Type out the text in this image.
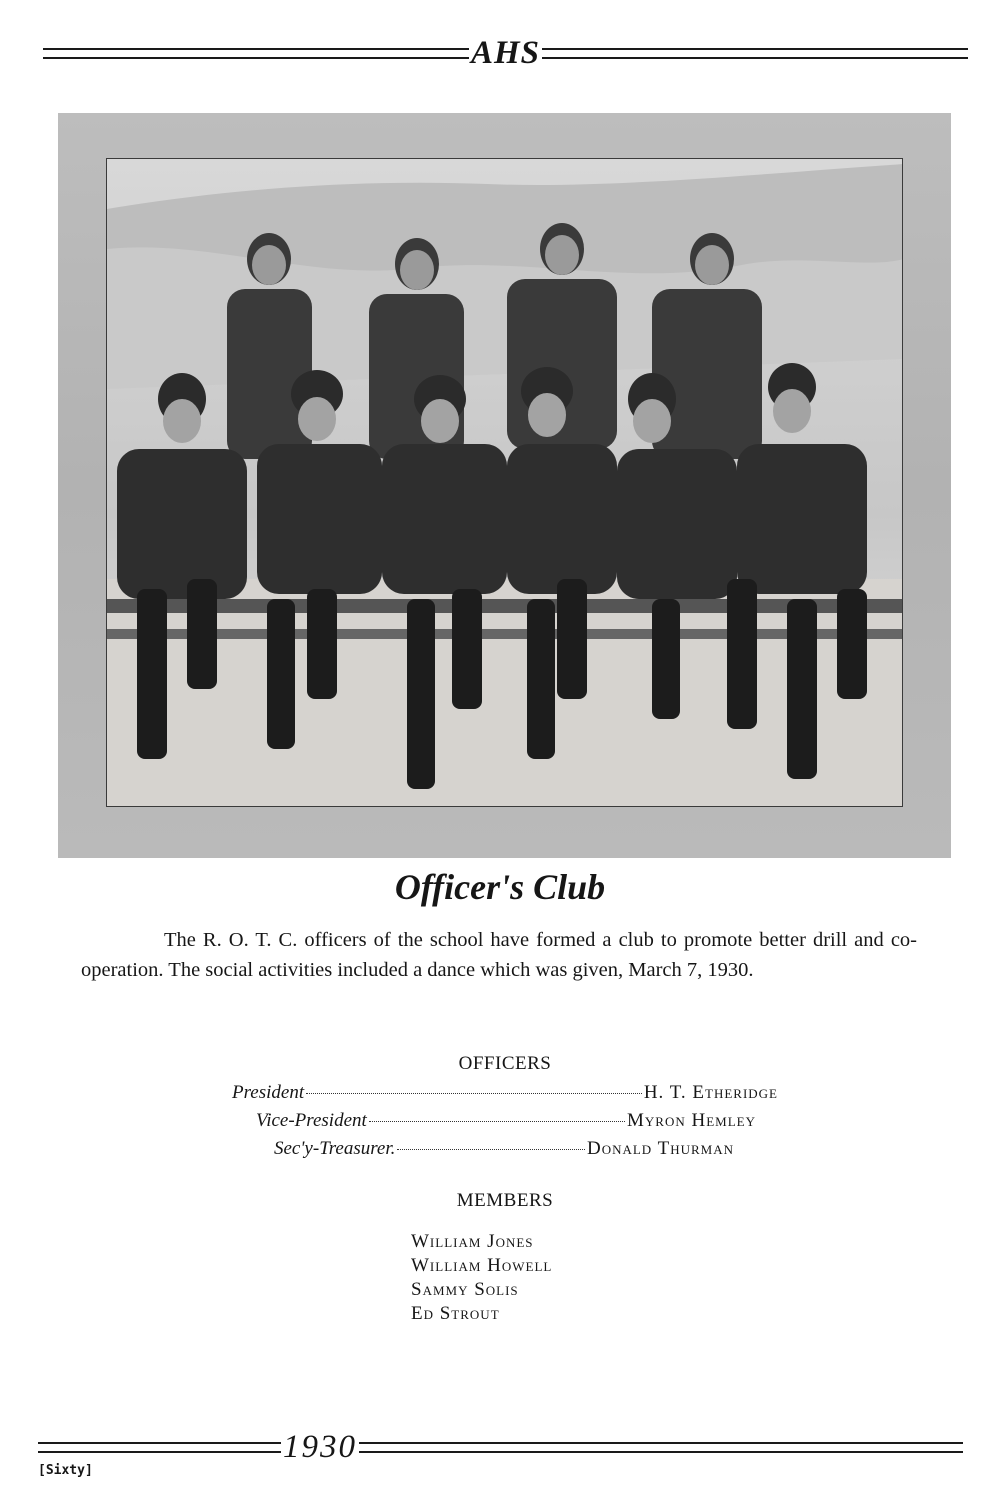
AHS
Officer's Club

The R. O. T. C. officers of the school have formed a club to promote better drill and co-operation. The social activities included a dance which was given, March 7, 1930.

OFFICERS
President	H. T. Etheridge
Vice-President	Myron Hemley
Sec'y-Treasurer.	Donald Thurman
MEMBERS
William Jones
William Howell
Sammy Solis
Ed Strout
1930
[Sixty]
